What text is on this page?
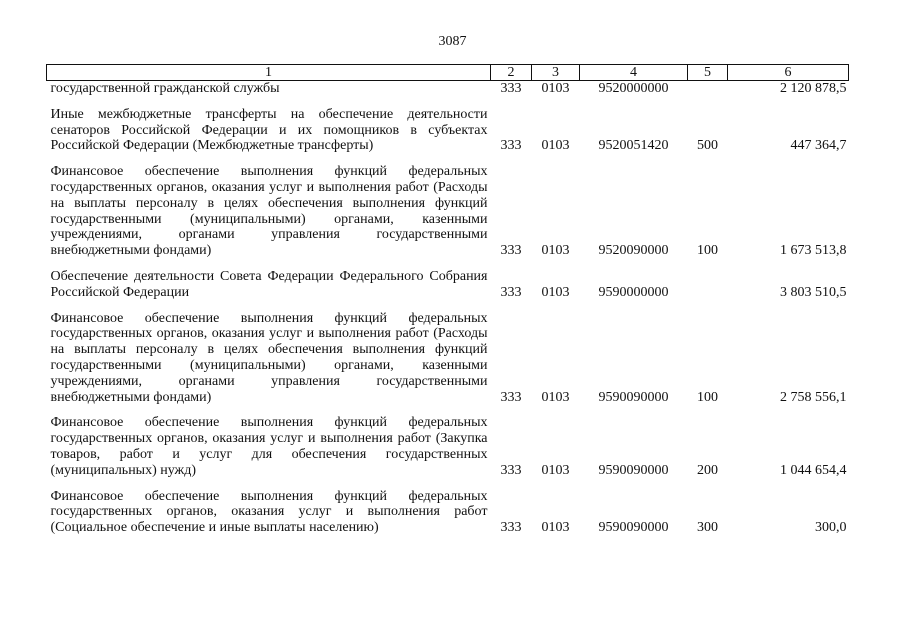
3087
1	2	3	4	5	6
государственной гражданской службы	333	0103	9520000000		2 120 878,5
Иные межбюджетные трансферты на обеспечение деятельности сенаторов Российской Федерации и их помощников в субъектах Российской Федерации (Межбюджетные трансферты)	333	0103	9520051420	500	447 364,7
Финансовое обеспечение выполнения функций федеральных государственных органов, оказания услуг и выполнения работ (Расходы на выплаты персоналу в целях обеспечения выполнения функций государственными (муниципальными) органами, казенными учреждениями, органами управления государственными внебюджетными фондами)	333	0103	9520090000	100	1 673 513,8
Обеспечение деятельности Совета Федерации Федерального Собрания Российской Федерации	333	0103	9590000000		3 803 510,5
Финансовое обеспечение выполнения функций федеральных государственных органов, оказания услуг и выполнения работ (Расходы на выплаты персоналу в целях обеспечения выполнения функций государственными (муниципальными) органами, казенными учреждениями, органами управления государственными внебюджетными фондами)	333	0103	9590090000	100	2 758 556,1
Финансовое обеспечение выполнения функций федеральных государственных органов, оказания услуг и выполнения работ (Закупка товаров, работ и услуг для обеспечения государственных (муниципальных) нужд)	333	0103	9590090000	200	1 044 654,4
Финансовое обеспечение выполнения функций федеральных государственных органов, оказания услуг и выполнения работ (Социальное обеспечение и иные выплаты населению)	333	0103	9590090000	300	300,0
